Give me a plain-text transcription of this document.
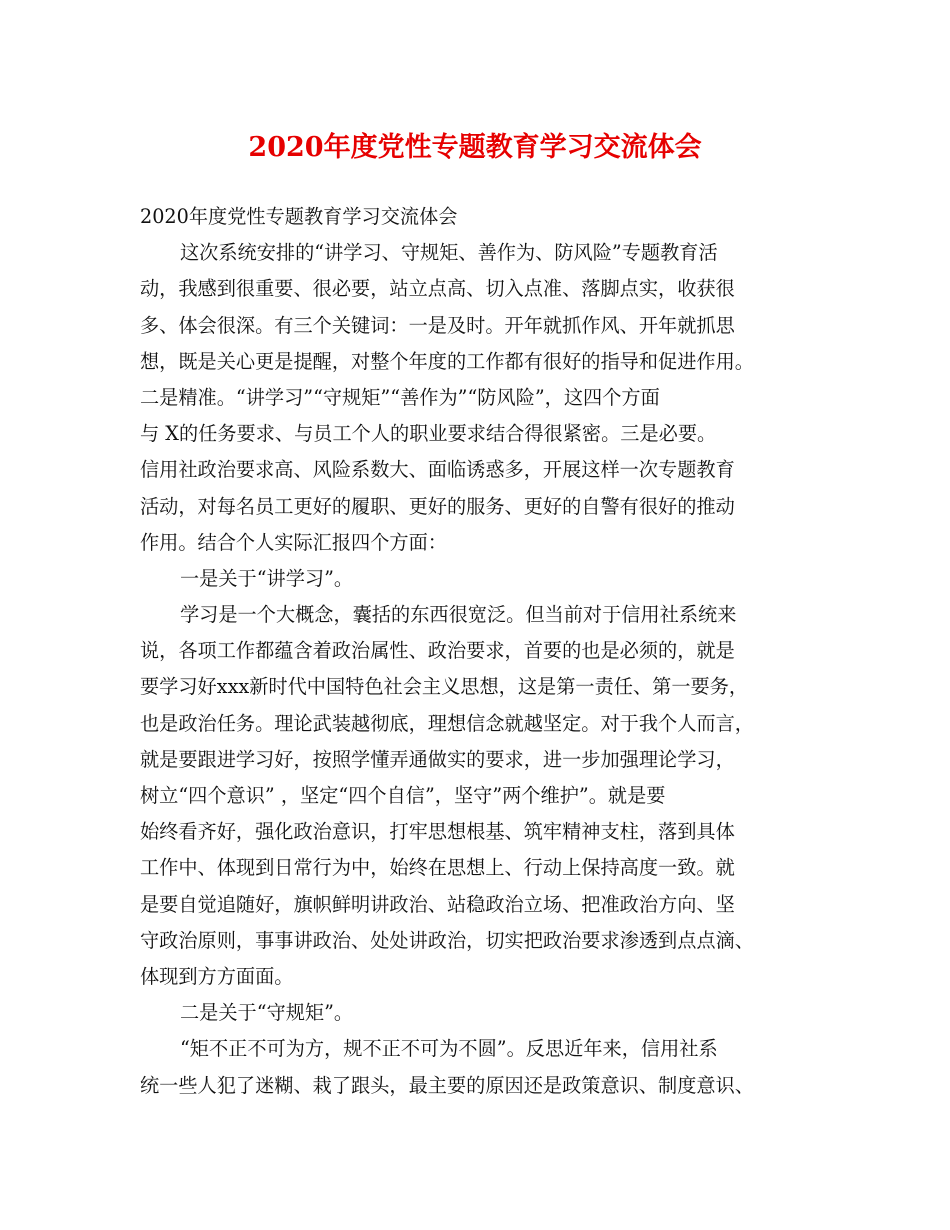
2020年度党性专题教育学习交流体会
2020年度党性专题教育学习交流体会
这次系统安排的“讲学习、守规矩、善作为、防风险”专题教育活
动，我感到很重要、很必要，站立点高、切入点准、落脚点实，收获很
多、体会很深。有三个关键词：一是及时。开年就抓作风、开年就抓思
想，既是关心更是提醒，对整个年度的工作都有很好的指导和促进作用。
二是精准。“讲学习”“守规矩”“善作为”“防风险”，这四个方面
与 X的任务要求、与员工个人的职业要求结合得很紧密。三是必要。
信用社政治要求高、风险系数大、面临诱惑多，开展这样一次专题教育
活动，对每名员工更好的履职、更好的服务、更好的自警有很好的推动
作用。结合个人实际汇报四个方面：
一是关于“讲学习”。
学习是一个大概念，囊括的东西很宽泛。但当前对于信用社系统来
说，各项工作都蕴含着政治属性、政治要求，首要的也是必须的，就是
要学习好xxx新时代中国特色社会主义思想，这是第一责任、第一要务，
也是政治任务。理论武装越彻底，理想信念就越坚定。对于我个人而言，
就是要跟进学习好，按照学懂弄通做实的要求，进一步加强理论学习，
树立“四个意识” ，坚定“四个自信”，坚守”两个维护”。就是要
始终看齐好，强化政治意识，打牢思想根基、筑牢精神支柱，落到具体
工作中、体现到日常行为中，始终在思想上、行动上保持高度一致。就
是要自觉追随好，旗帜鲜明讲政治、站稳政治立场、把准政治方向、坚
守政治原则，事事讲政治、处处讲政治，切实把政治要求渗透到点点滴、
体现到方方面面。
二是关于“守规矩”。
“矩不正不可为方，规不正不可为不圆”。反思近年来，信用社系
统一些人犯了迷糊、栽了跟头，最主要的原因还是政策意识、制度意识、
